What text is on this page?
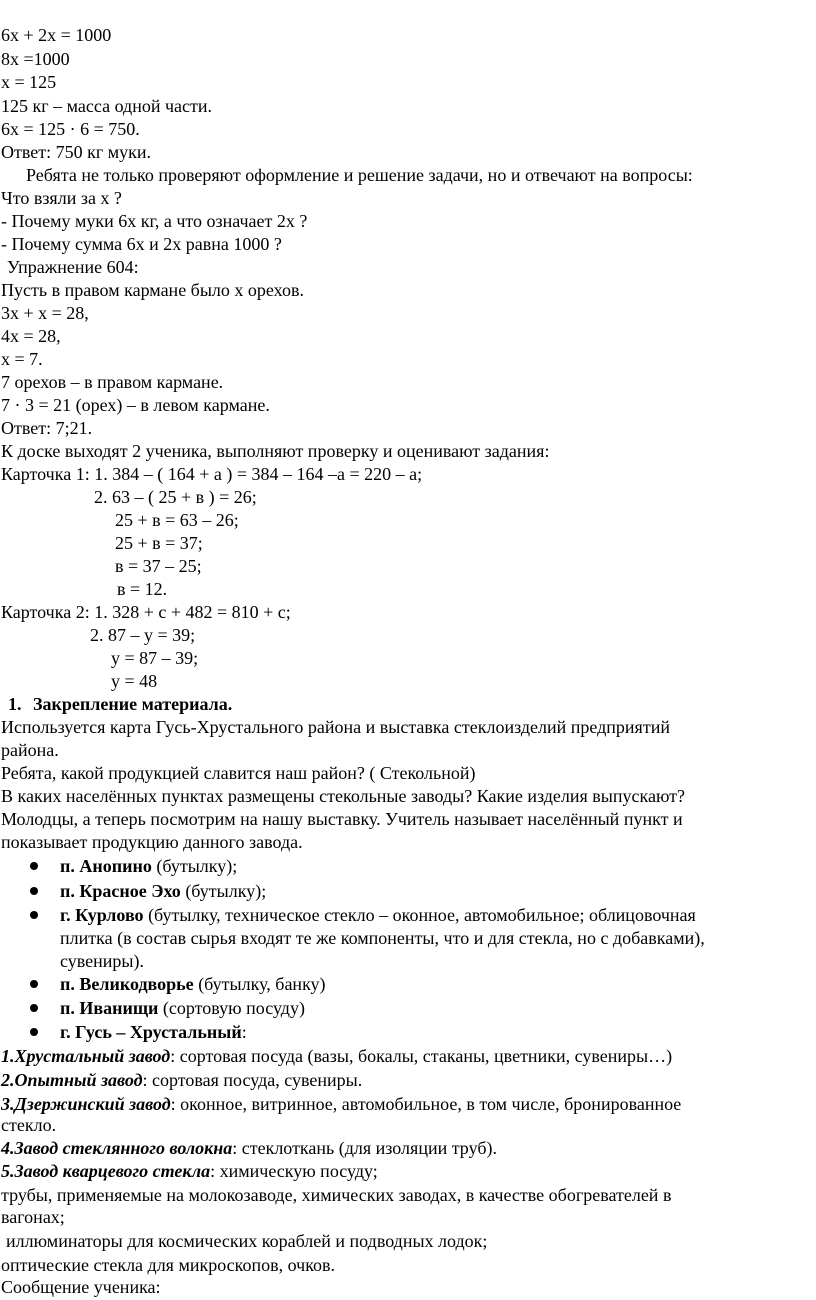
6х + 2х = 1000
8х =1000
х = 125
125 кг – масса одной части.
6х = 125 · 6 = 750.
Ответ: 750 кг муки.
Ребята не только проверяют оформление и решение задачи, но и отвечают на вопросы:
Что взяли за х ?
- Почему муки 6х кг, а что означает 2х ?
- Почему сумма 6х и 2х равна 1000 ?
Упражнение 604:
Пусть в правом кармане было х орехов.
3х + х = 28,
4х = 28,
х = 7.
7 орехов – в правом кармане.
7 · 3 = 21 (орех) – в левом кармане.
Ответ: 7;21.
К доске выходят 2 ученика, выполняют проверку и оценивают задания:
Карточка 1: 1. 384 – ( 164 + а ) = 384 – 164 –а = 220 – а;
2. 63 – ( 25 + в ) = 26;
25 + в = 63 – 26;
25 + в = 37;
в = 37 – 25;
в = 12.
Карточка 2: 1. 328 + с + 482 = 810 + с;
2. 87 – у = 39;
у = 87 – 39;
у = 48
1. Закрепление материала.
Используется карта Гусь-Хрустального района и выставка стеклоизделий предприятий
района.
Ребята, какой продукцией славится наш район? ( Стекольной)
В каких населённых пунктах размещены стекольные заводы? Какие изделия выпускают?
Молодцы, а теперь посмотрим на нашу выставку. Учитель называет населённый пункт и
показывает продукцию данного завода.
п. Анопино (бутылку);
п. Красное Эхо (бутылку);
г. Курлово (бутылку, техническое стекло – оконное, автомобильное; облицовочная
плитка (в состав сырья входят те же компоненты, что и для стекла, но с добавками),
сувениры).
п. Великодворье (бутылку, банку)
п. Иванищи (сортовую посуду)
г. Гусь – Хрустальный:
1.Хрустальный завод: сортовая посуда (вазы, бокалы, стаканы, цветники, сувениры…)
2.Опытный завод: сортовая посуда, сувениры.
3.Дзержинский завод: оконное, витринное, автомобильное, в том числе, бронированное
стекло.
4.Завод стеклянного волокна: стеклоткань (для изоляции труб).
5.Завод кварцевого стекла: химическую посуду;
трубы, применяемые на молокозаводе, химических заводах, в качестве обогревателей в
вагонах;
иллюминаторы для космических кораблей и подводных лодок;
оптические стекла для микроскопов, очков.
Сообщение ученика:
